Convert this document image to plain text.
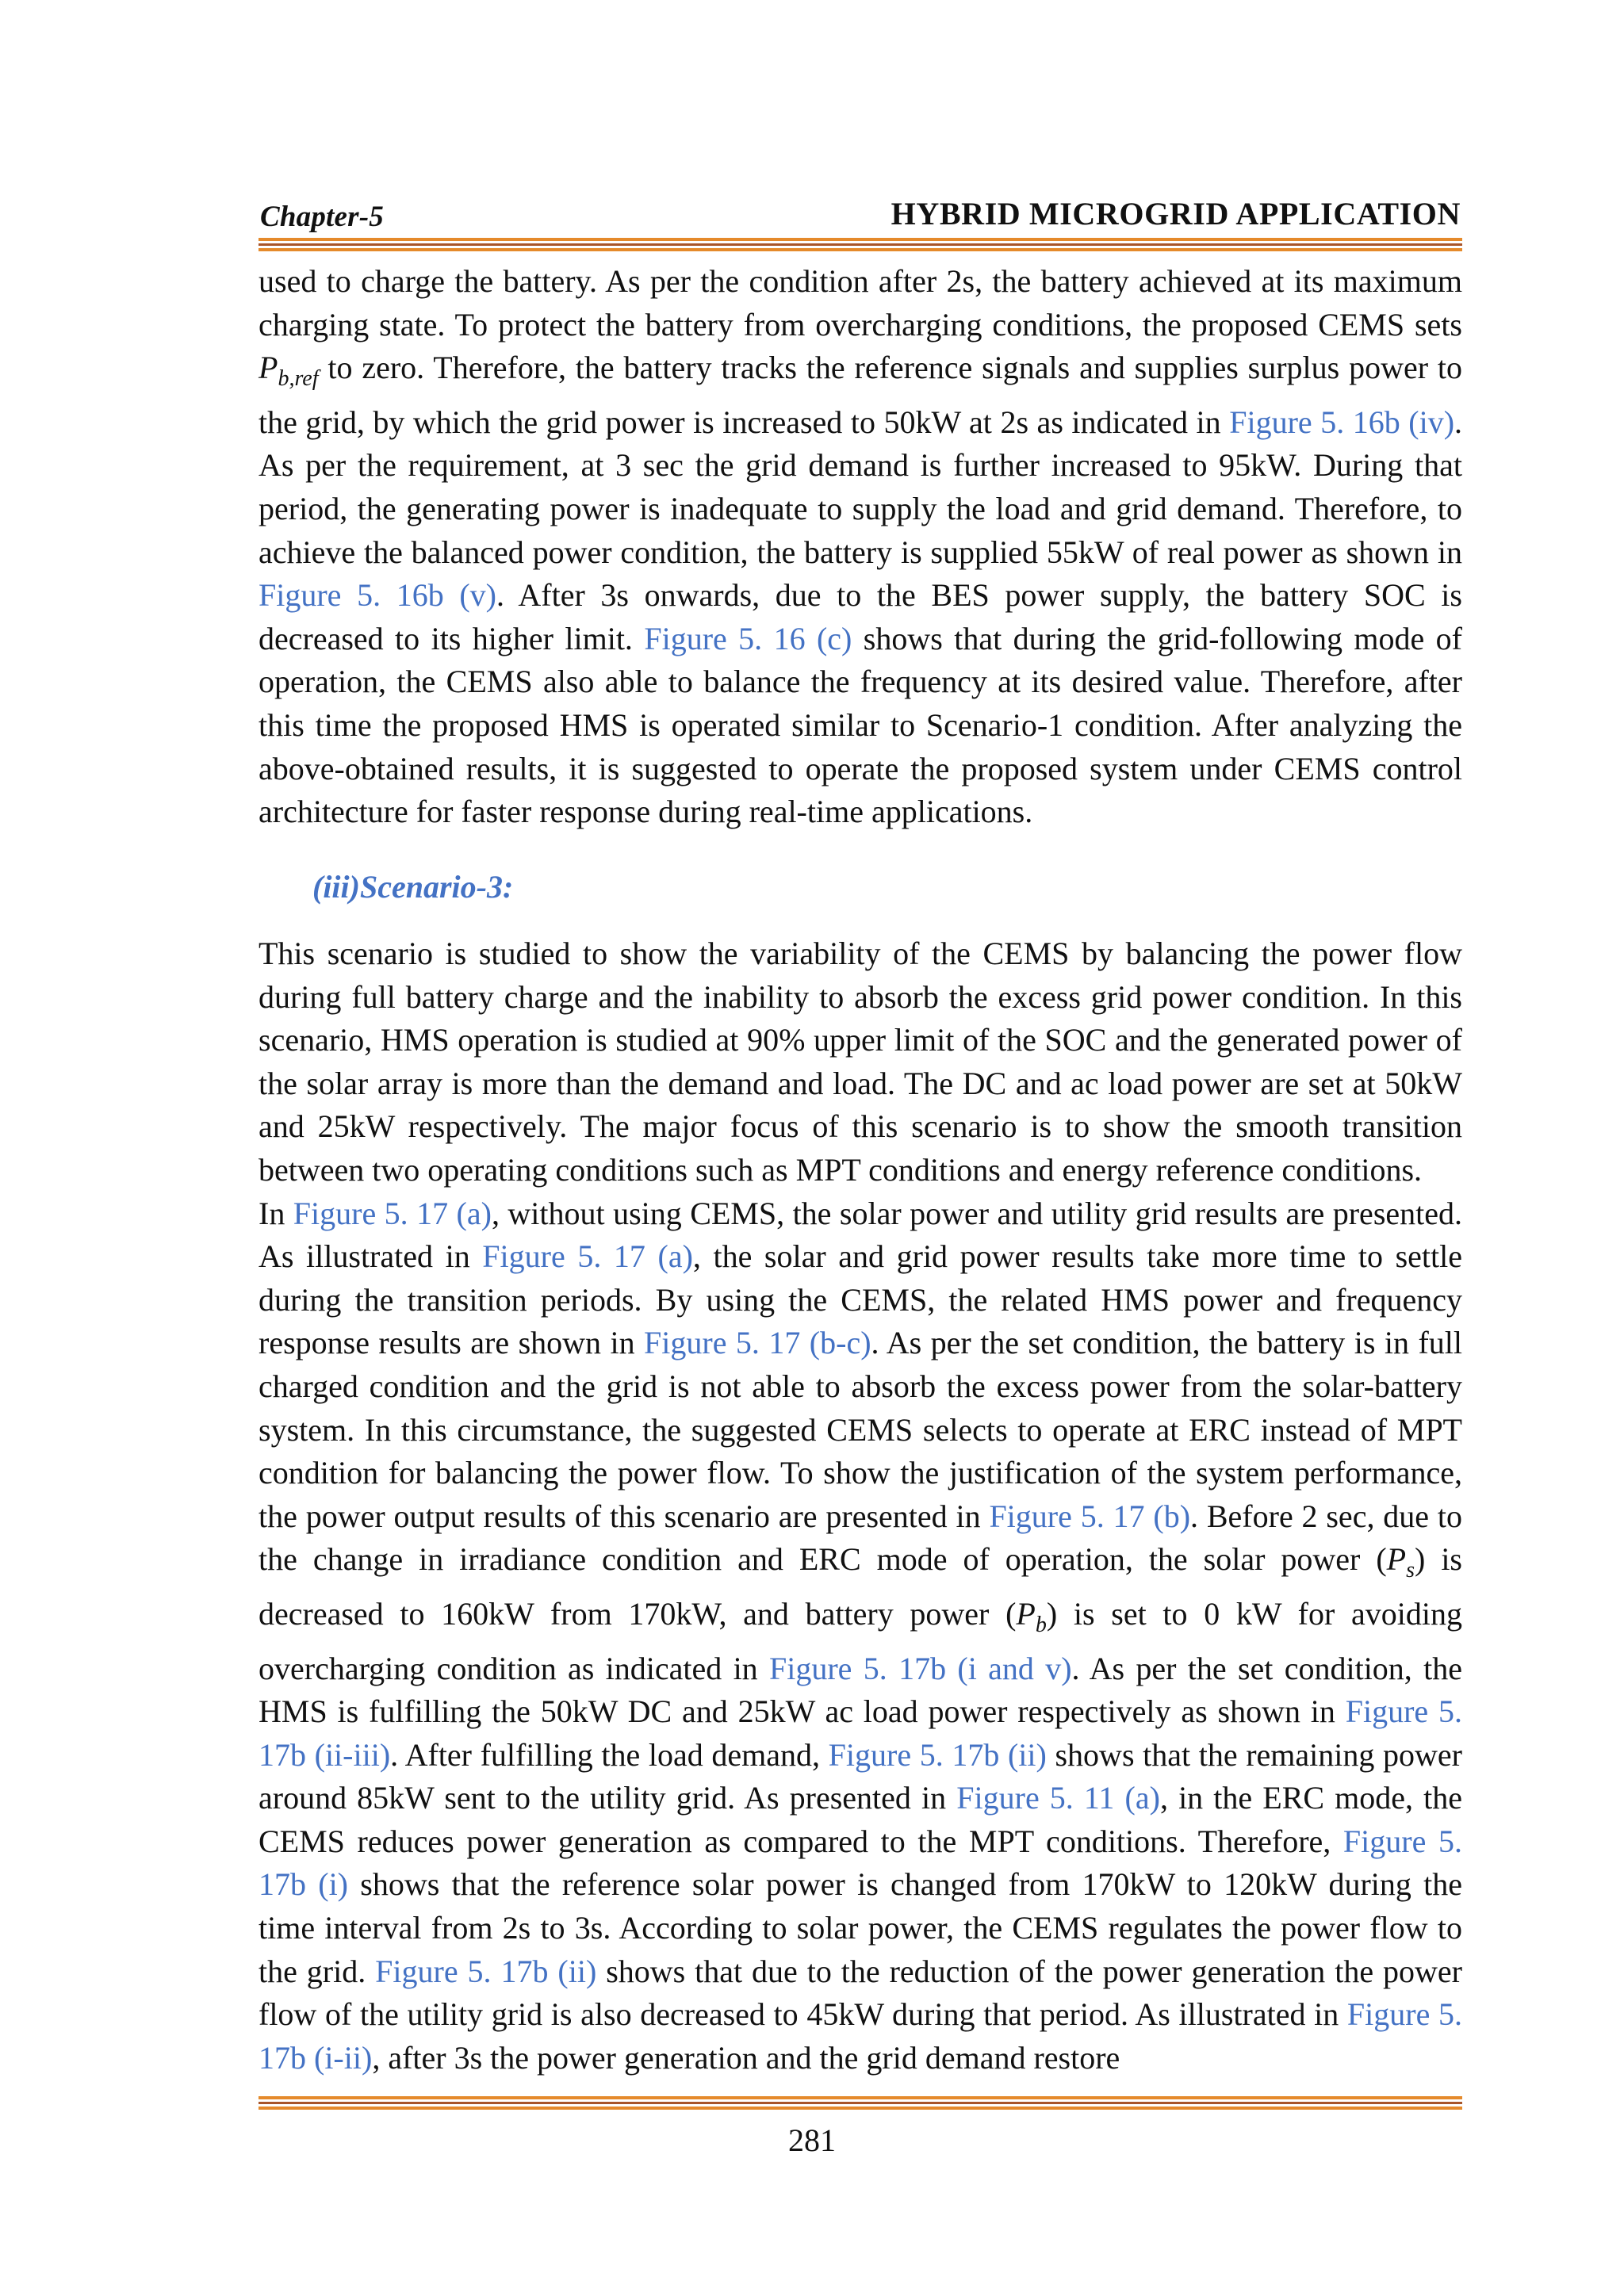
Chapter-5	HYBRID MICROGRID APPLICATION

used to charge the battery. As per the condition after 2s, the battery achieved at its maximum charging state. To protect the battery from overcharging conditions, the proposed CEMS sets $P_{b,ref}$ to zero. Therefore, the battery tracks the reference signals and supplies surplus power to the grid, by which the grid power is increased to 50kW at 2s as indicated in Figure 5. 16b (iv). As per the requirement, at 3 sec the grid demand is further increased to 95kW. During that period, the generating power is inadequate to supply the load and grid demand. Therefore, to achieve the balanced power condition, the battery is supplied 55kW of real power as shown in Figure 5. 16b (v). After 3s onwards, due to the BES power supply, the battery SOC is decreased to its higher limit. Figure 5. 16 (c) shows that during the grid-following mode of operation, the CEMS also able to balance the frequency at its desired value. Therefore, after this time the proposed HMS is operated similar to Scenario-1 condition. After analyzing the above-obtained results, it is suggested to operate the proposed system under CEMS control architecture for faster response during real-time applications.

(iii)Scenario-3:

This scenario is studied to show the variability of the CEMS by balancing the power flow during full battery charge and the inability to absorb the excess grid power condition. In this scenario, HMS operation is studied at 90% upper limit of the SOC and the generated power of the solar array is more than the demand and load. The DC and ac load power are set at 50kW and 25kW respectively. The major focus of this scenario is to show the smooth transition between two operating conditions such as MPT conditions and energy reference conditions.

In Figure 5. 17 (a), without using CEMS, the solar power and utility grid results are presented. As illustrated in Figure 5. 17 (a), the solar and grid power results take more time to settle during the transition periods. By using the CEMS, the related HMS power and frequency response results are shown in Figure 5. 17 (b-c). As per the set condition, the battery is in full charged condition and the grid is not able to absorb the excess power from the solar-battery system. In this circumstance, the suggested CEMS selects to operate at ERC instead of MPT condition for balancing the power flow. To show the justification of the system performance, the power output results of this scenario are presented in Figure 5. 17 (b). Before 2 sec, due to the change in irradiance condition and ERC mode of operation, the solar power $(P_s)$ is decreased to 160kW from 170kW, and battery power $(P_b)$ is set to 0 kW for avoiding overcharging condition as indicated in Figure 5. 17b (i and v). As per the set condition, the HMS is fulfilling the 50kW DC and 25kW ac load power respectively as shown in Figure 5. 17b (ii-iii). After fulfilling the load demand, Figure 5. 17b (ii) shows that the remaining power around 85kW sent to the utility grid. As presented in Figure 5. 11 (a), in the ERC mode, the CEMS reduces power generation as compared to the MPT conditions. Therefore, Figure 5. 17b (i) shows that the reference solar power is changed from 170kW to 120kW during the time interval from 2s to 3s. According to solar power, the CEMS regulates the power flow to the grid. Figure 5. 17b (ii) shows that due to the reduction of the power generation the power flow of the utility grid is also decreased to 45kW during that period. As illustrated in Figure 5. 17b (i-ii), after 3s the power generation and the grid demand restore

281
